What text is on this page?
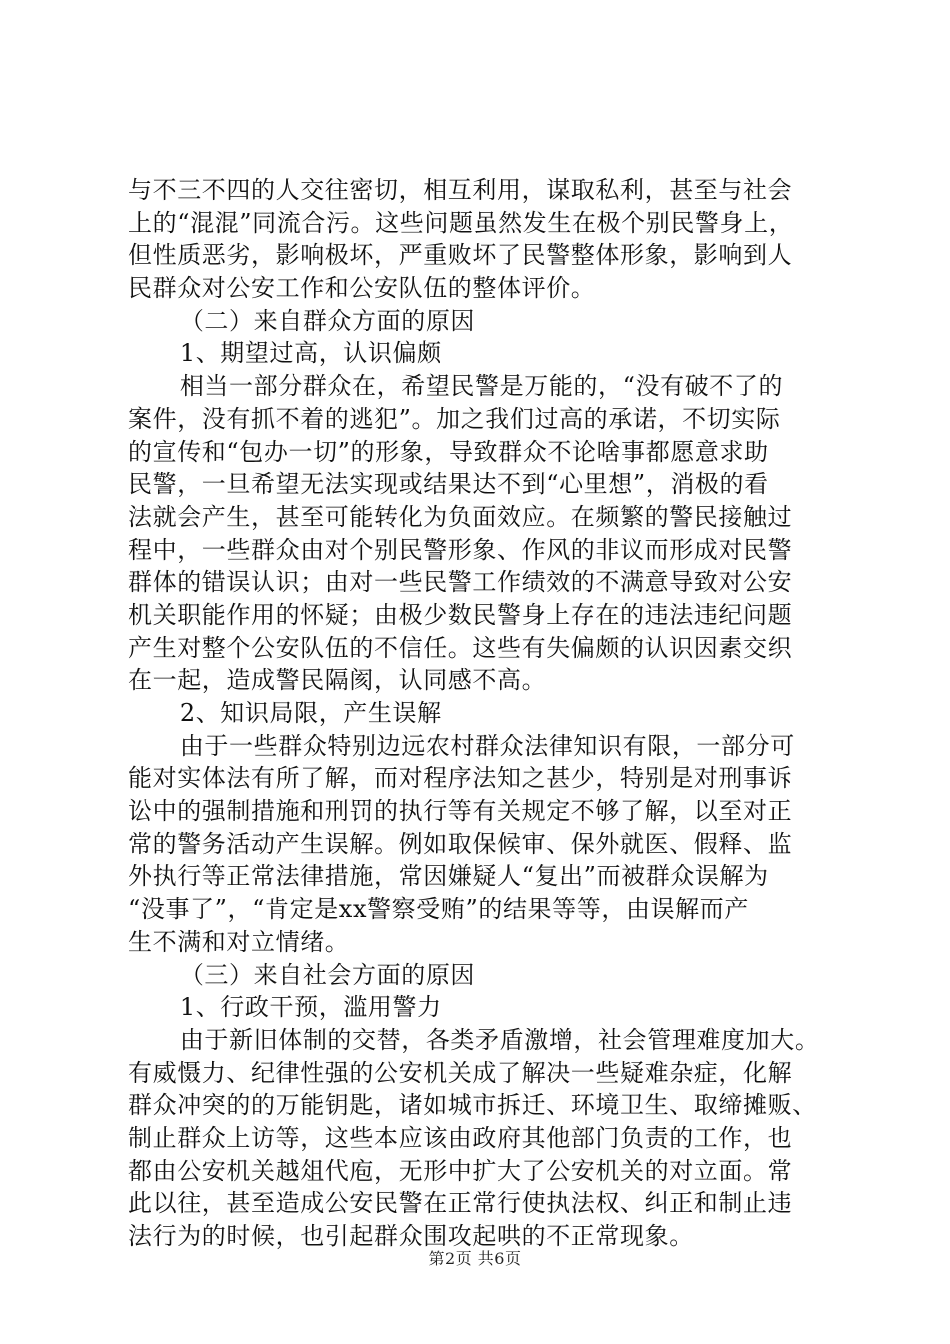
与不三不四的人交往密切，相互利用，谋取私利，甚至与社会
上的“混混”同流合污。这些问题虽然发生在极个别民警身上，
但性质恶劣，影响极坏，严重败坏了民警整体形象，影响到人
民群众对公安工作和公安队伍的整体评价。
（二）来自群众方面的原因
1、期望过高，认识偏颇
相当一部分群众在，希望民警是万能的，“没有破不了的
案件，没有抓不着的逃犯”。加之我们过高的承诺，不切实际
的宣传和“包办一切”的形象，导致群众不论啥事都愿意求助
民警，一旦希望无法实现或结果达不到“心里想”，消极的看
法就会产生，甚至可能转化为负面效应。在频繁的警民接触过
程中，一些群众由对个别民警形象、作风的非议而形成对民警
群体的错误认识；由对一些民警工作绩效的不满意导致对公安
机关职能作用的怀疑；由极少数民警身上存在的违法违纪问题
产生对整个公安队伍的不信任。这些有失偏颇的认识因素交织
在一起，造成警民隔阂，认同感不高。
2、知识局限，产生误解
由于一些群众特别边远农村群众法律知识有限，一部分可
能对实体法有所了解，而对程序法知之甚少，特别是对刑事诉
讼中的强制措施和刑罚的执行等有关规定不够了解，以至对正
常的警务活动产生误解。例如取保候审、保外就医、假释、监
外执行等正常法律措施，常因嫌疑人“复出”而被群众误解为
“没事了”，“肯定是xx警察受贿”的结果等等，由误解而产
生不满和对立情绪。
（三）来自社会方面的原因
1、行政干预，滥用警力
由于新旧体制的交替，各类矛盾激增，社会管理难度加大。
有威慑力、纪律性强的公安机关成了解决一些疑难杂症，化解
群众冲突的的万能钥匙，诸如城市拆迁、环境卫生、取缔摊贩、
制止群众上访等，这些本应该由政府其他部门负责的工作，也
都由公安机关越俎代庖，无形中扩大了公安机关的对立面。常
此以往，甚至造成公安民警在正常行使执法权、纠正和制止违
法行为的时候，也引起群众围攻起哄的不正常现象。
第2页 共6页
